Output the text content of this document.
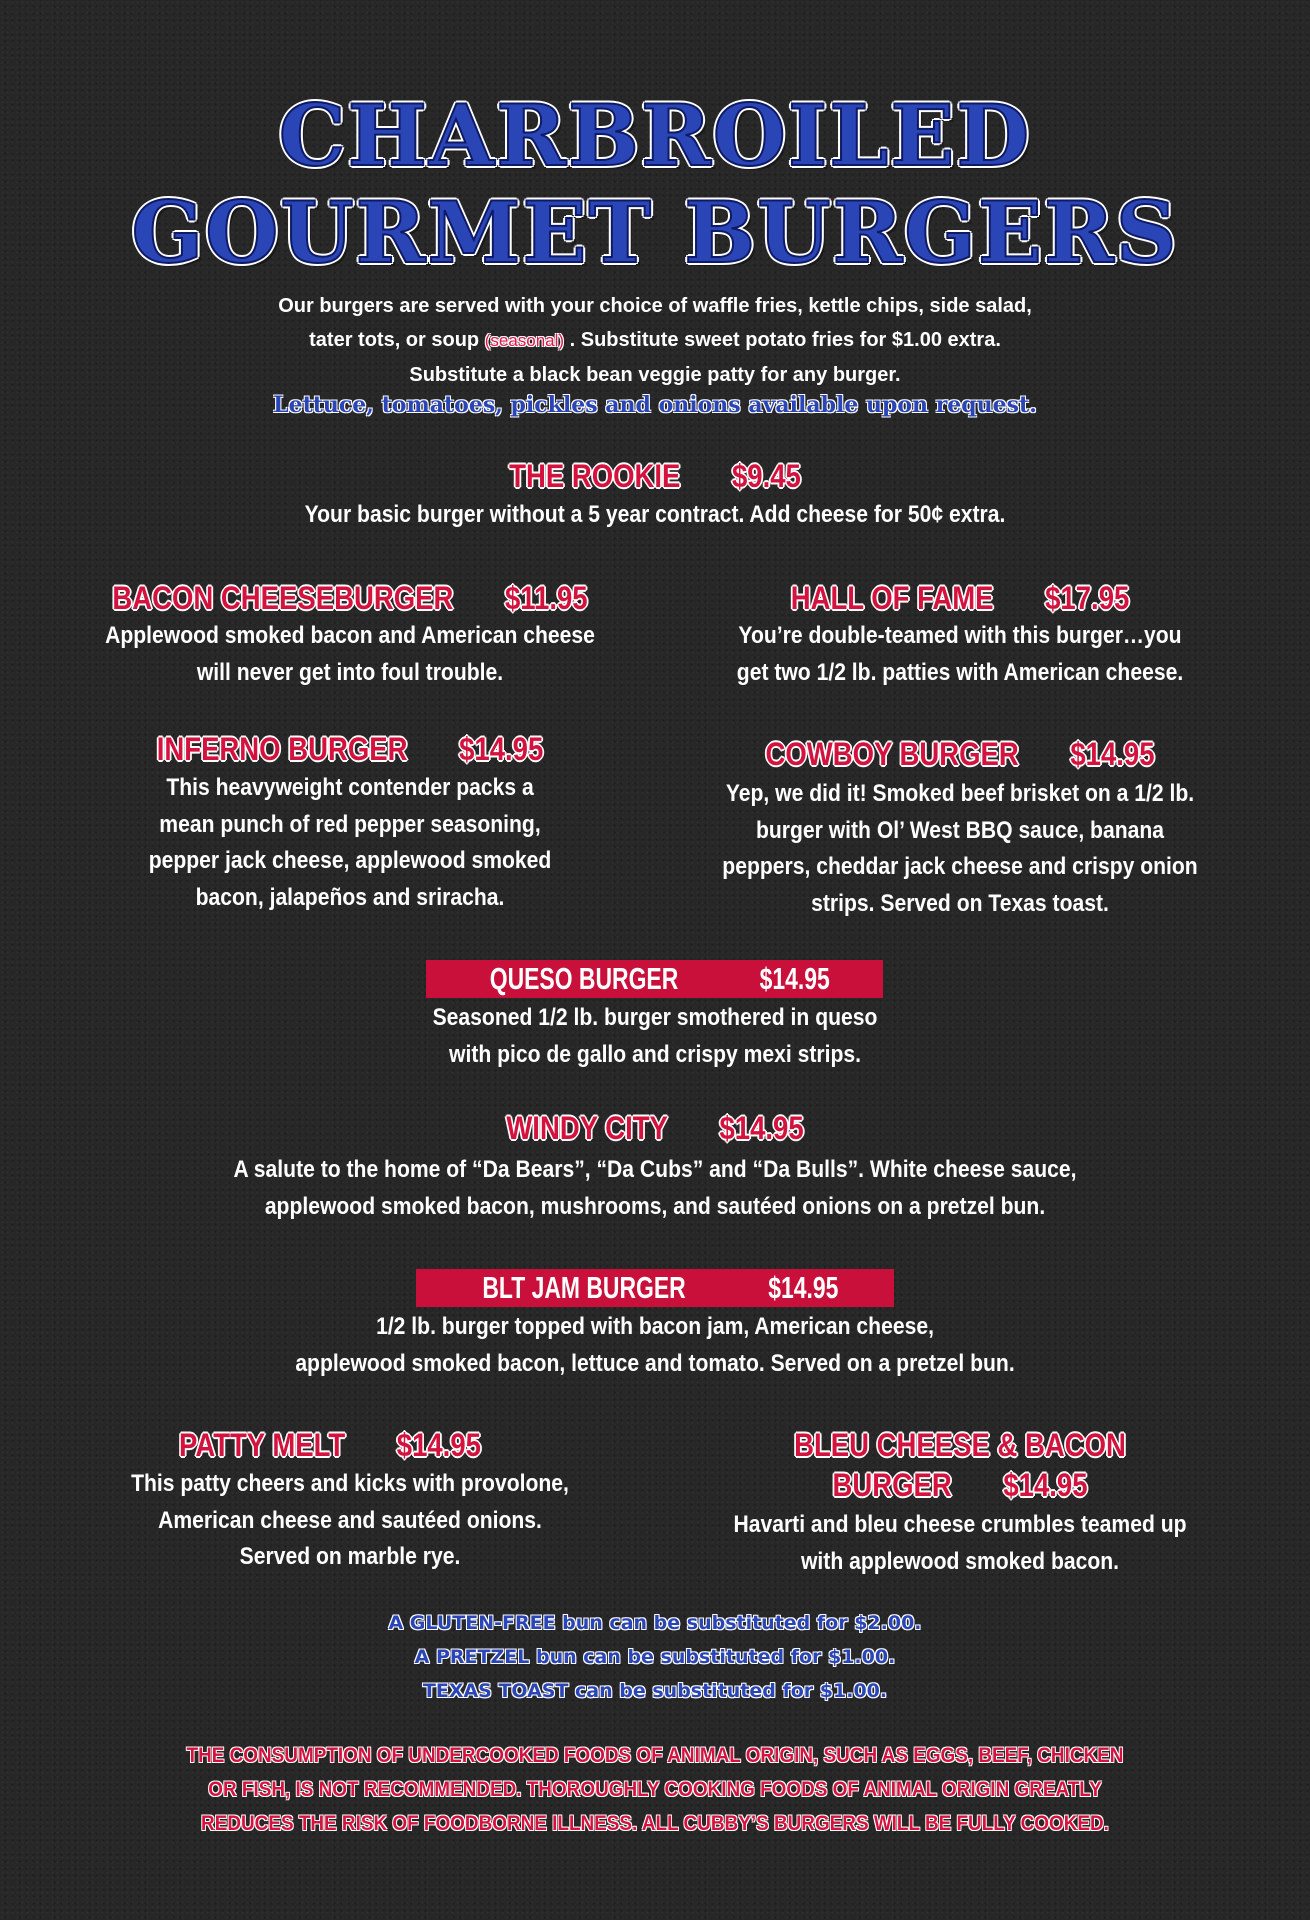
CHARBROILED
GOURMET BURGERS
Our burgers are served with your choice of waffle fries, kettle chips, side salad,
tater tots, or soup (seasonal) . Substitute sweet potato fries for $1.00 extra.
Substitute a black bean veggie patty for any burger.
Lettuce, tomatoes, pickles and onions available upon request.
THE ROOKIE $9.45
Your basic burger without a 5 year contract. Add cheese for 50¢ extra.
BACON CHEESEBURGER $11.95
Applewood smoked bacon and American cheese
will never get into foul trouble.
HALL OF FAME $17.95
You’re double-teamed with this burger…you
get two 1/2 lb. patties with American cheese.
INFERNO BURGER $14.95
This heavyweight contender packs a
mean punch of red pepper seasoning,
pepper jack cheese, applewood smoked
bacon, jalapeños and sriracha.
COWBOY BURGER $14.95
Yep, we did it! Smoked beef brisket on a 1/2 lb.
burger with Ol’ West BBQ sauce, banana
peppers, cheddar jack cheese and crispy onion
strips. Served on Texas toast.
QUESO BURGER	$14.95
Seasoned 1/2 lb. burger smothered in queso
with pico de gallo and crispy mexi strips.
WINDY CITY $14.95
A salute to the home of “Da Bears”, “Da Cubs” and “Da Bulls”. White cheese sauce,
applewood smoked bacon, mushrooms, and sautéed onions on a pretzel bun.
BLT JAM BURGER	$14.95
1/2 lb. burger topped with bacon jam, American cheese,
applewood smoked bacon, lettuce and tomato. Served on a pretzel bun.
PATTY MELT $14.95
This patty cheers and kicks with provolone,
American cheese and sautéed onions.
Served on marble rye.
BLEU CHEESE & BACON
BURGER $14.95
Havarti and bleu cheese crumbles teamed up
with applewood smoked bacon.
A GLUTEN-FREE bun can be substituted for $2.00.
A PRETZEL bun can be substituted for $1.00.
TEXAS TOAST can be substituted for $1.00.
THE CONSUMPTION OF UNDERCOOKED FOODS OF ANIMAL ORIGIN, SUCH AS EGGS, BEEF, CHICKEN
OR FISH, IS NOT RECOMMENDED. THOROUGHLY COOKING FOODS OF ANIMAL ORIGIN GREATLY
REDUCES THE RISK OF FOODBORNE ILLNESS. ALL CUBBY’S BURGERS WILL BE FULLY COOKED.
